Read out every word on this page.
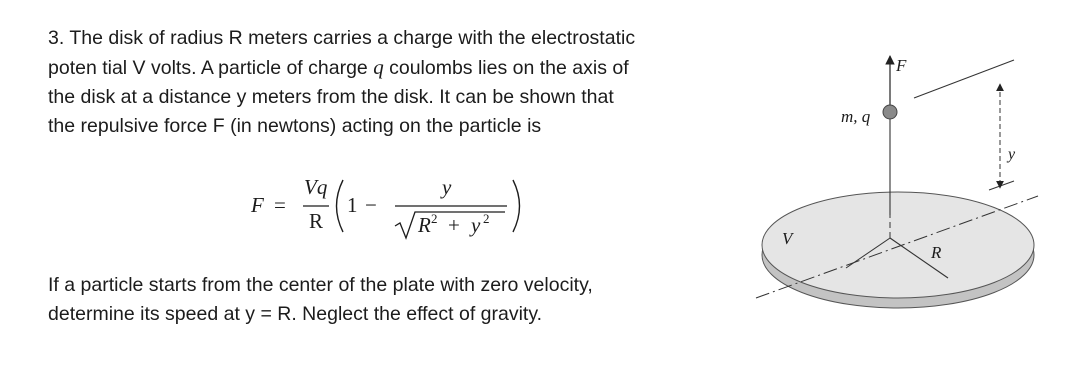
3. The disk of radius R meters carries a charge with the electrostatic
poten tial V volts. A particle of charge q coulombs lies on the axis of
the disk at a distance y meters from the disk. It can be shown that
the repulsive force F (in newtons) acting on the particle is

F =
Vq
R
1 −
y
R 2 + y 2

If a particle starts from the center of the plate with zero velocity,
determine its speed at y = R. Neglect the effect of gravity.

F
m, q
y
V
R
